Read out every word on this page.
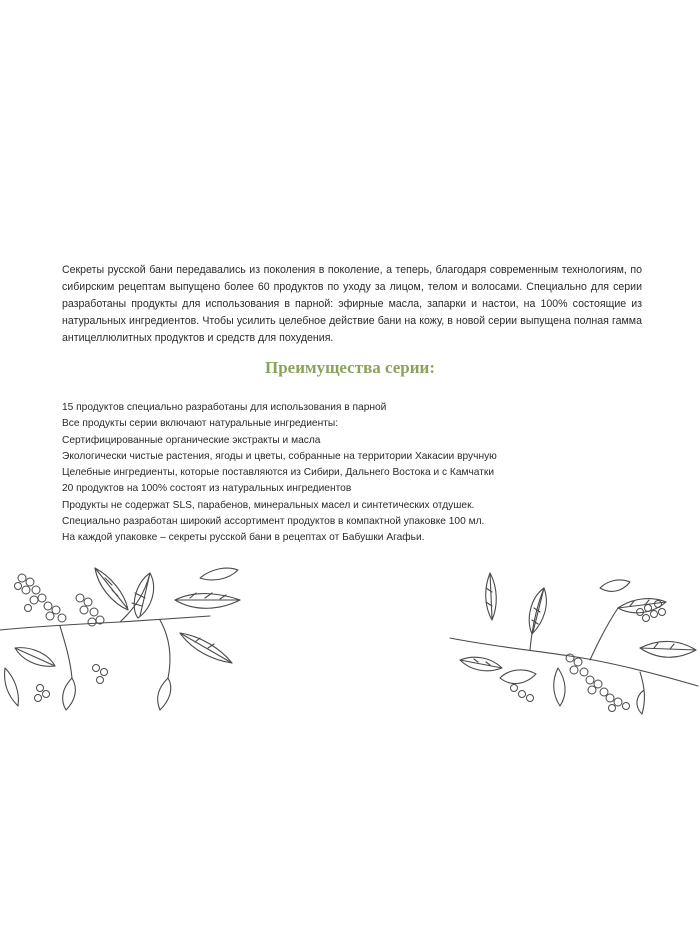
Секреты русской бани передавались из поколения в поколение, а теперь, благодаря современным технологиям, по сибирским рецептам выпущено более 60 продуктов по уходу за лицом, телом и волосами. Специально для серии разработаны продукты для использования в парной: эфирные масла, запарки и настои, на 100% состоящие из натуральных ингредиентов. Чтобы усилить целебное действие бани на кожу, в новой серии выпущена полная гамма антицеллюлитных продуктов и средств для похудения.

Преимущества серии:
15 продуктов специально разработаны для использования в парной
Все продукты серии включают натуральные ингредиенты:
Сертифицированные органические экстракты и масла
Экологически чистые растения, ягоды и цветы, собранные на территории Хакасии вручную
Целебные ингредиенты, которые поставляются из Сибири, Дальнего Востока и с Камчатки
20 продуктов на 100% состоят из натуральных ингредиентов
Продукты не содержат SLS, парабенов, минеральных масел и синтетических отдушек.
Специально разработан широкий ассортимент продуктов в компактной упаковке 100 мл.
На каждой упаковке – секреты русской бани в рецептах от Бабушки Агафьи.
